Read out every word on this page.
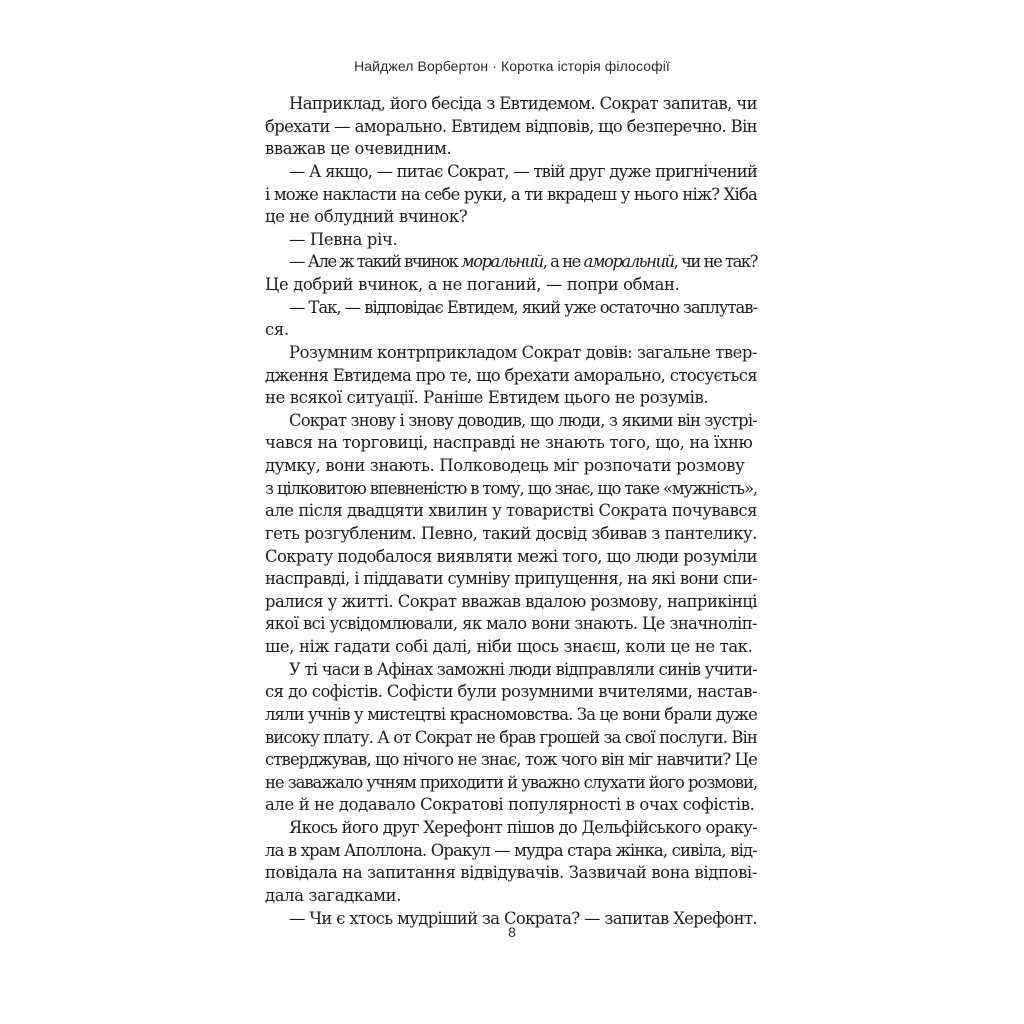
Найджел Ворбертон · Коротка історія філософії
Наприклад, його бесіда з Евтидемом. Сократ запитав, чи
брехати — аморально. Евтидем відповів, що безперечно. Він
вважав це очевидним.
— А якщо, — питає Сократ, — твій друг дуже пригнічений
і може накласти на себе руки, а ти вкрадеш у нього ніж? Хіба
це не облудний вчинок?
— Певна річ.
— Але ж такий вчинок моральний, а не аморальний, чи не так?
Це добрий вчинок, а не поганий, — попри обман.
— Так, — відповідає Евтидем, який уже остаточно заплутав-
ся.
Розумним контрприкладом Сократ довів: загальне твер-
дження Евтидема про те, що брехати аморально, стосується
не всякої ситуації. Раніше Евтидем цього не розумів.
Сократ знову і знову доводив, що люди, з якими він зустрі-
чався на торговиці, насправді не знають того, що, на їхню
думку, вони знають. Полководець міг розпочати розмову
з цілковитою впевненістю в тому, що знає, що таке «мужність»,
але після двадцяти хвилин у товаристві Сократа почувався
геть розгубленим. Певно, такий досвід збивав з пантелику.
Сократу подобалося виявляти межі того, що люди розуміли
насправді, і піддавати сумніву припущення, на які вони спи-
ралися у житті. Сократ вважав вдалою розмову, наприкінці
якої всі усвідомлювали, як мало вони знають. Це значноліп-
ше, ніж гадати собі далі, ніби щось знаєш, коли це не так.
У ті часи в Афінах заможні люди відправляли синів учити-
ся до софістів. Софісти були розумними вчителями, настав-
ляли учнів у мистецтві красномовства. За це вони брали дуже
високу плату. А от Сократ не брав грошей за свої послуги. Він
стверджував, що нічого не знає, тож чого він міг навчити? Це
не заважало учням приходити й уважно слухати його розмови,
але й не додавало Сократові популярності в очах софістів.
Якось його друг Херефонт пішов до Дельфійського ораку-
ла в храм Аполлона. Оракул — мудра стара жінка, сивіла, від-
повідала на запитання відвідувачів. Зазвичай вона відпові-
дала загадками.
— Чи є хтось мудріший за Сократа? — запитав Херефонт.
8
